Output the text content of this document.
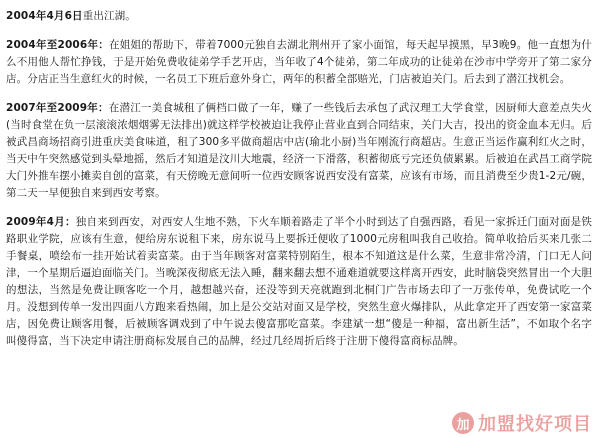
2004年4月6日重出江湖。

2004年至2006年：在姐姐的帮助下，带着7000元独自去湖北荆州开了家小面馆，每天起早摸黑，早3晚9。他一直想为什么不用他人帮忙挣钱，于是开始免费收徒弟学手艺开店，当年收了4个徒弟，第二年成功的让徒弟在沙市中学旁开了第二家分店。分店正当生意红火的时候，一名员工下班后意外身亡，两年的积蓄全部赔光，门店被迫关门。后去到了潜江找机会。

2007年至2009年：在潜江一美食城租了俩档口做了一年，赚了一些钱后去承包了武汉理工大学食堂，因厨师大意差点失火(当时食堂在负一层滚滚浓烟烟雾无法排出)就这样学校被迫让我停止营业直到合同结束，关门大吉，投出的资金血本无归。后被武昌商场招商引进重庆美食味道，租了300多平做商超店中店(瑜北小厨)当年刚流行商超店。生意正当运作赢利红火之时，当天中午突然感觉到头晕地摇，然后才知道是汶川大地震，经济一下滑落，积蓄彻底亏完还负债累累。后被迫在武昌工商学院大门外推车摆小摊卖自创的富菜，有天傍晚无意间听一位西安顾客说西安没有富菜，应该有市场，而且消费至少贵1-2元/碗，第二天一早便独自来到西安考察。

2009年4月：独自来到西安，对西安人生地不熟，下火车顺着路走了半个小时到达了自强西路，看见一家拆迁门面对面是铁路职业学院，应该有生意，便给房东说租下来，房东说马上要拆迁便收了1000元房租叫我自己收拾。简单收拾后买来几张二手餐桌，喷绘布一挂开始试着卖富菜。由于当年顾客对富菜特别陌生，根本不知道这是什么菜，生意非常冷清，门口无人问津，一个星期后逼迫面临关门。当晚深夜彻底无法入睡，翻来翻去想不通难道就要这样离开西安，此时脑袋突然冒出一个大胆的想法，当然是免费让顾客吃一个月，越想越兴奋，还没等到天亮就跑到北桐门广告市场去印了一万张传单，免费试吃一个月。没想到传单一发出四面八方跑来看热闹，加上是公交站对面又是学校，突然生意火爆排队，从此拿定开了西安第一家富菜店，因免费让顾客用餐，后被顾客调戏到了中午说去傻富那吃富菜。李建斌一想“傻是一种福，富出新生活”，不如取个名字叫傻得富，当下决定申请注册商标发展自己的品牌，经过几经周折后终于注册下傻得富商标品牌。

加 加盟找好项目
